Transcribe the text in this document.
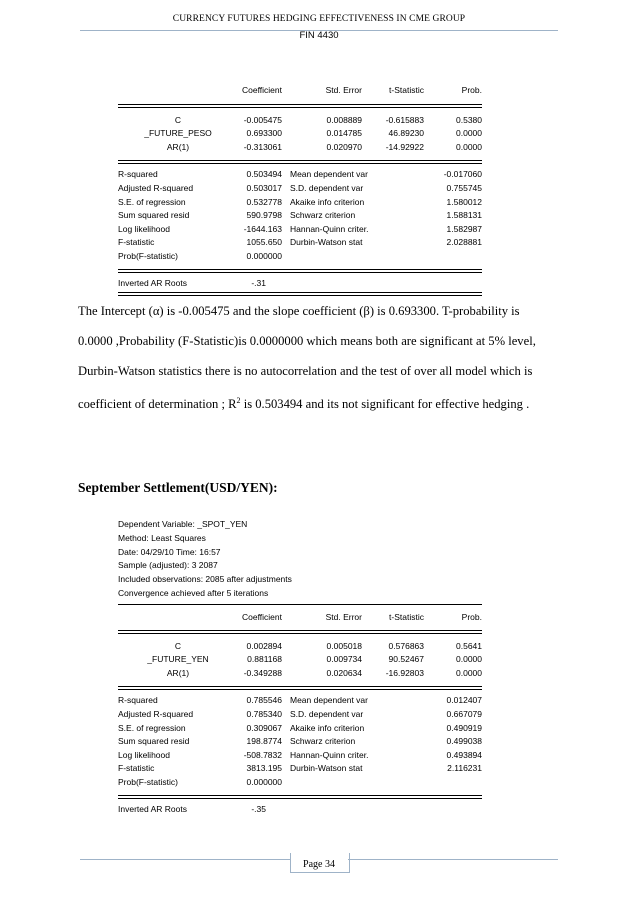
CURRENCY FUTURES HEDGING EFFECTIVENESS IN CME GROUP
FIN 4430
Coefficient	Std. Error	t-Statistic	Prob.
C	-0.005475	0.008889	-0.615883	0.5380
_FUTURE_PESO	0.693300	0.014785	46.89230	0.0000
AR(1)	-0.313061	0.020970	-14.92922	0.0000
R-squared	0.503494 Mean dependent var	-0.017060
Adjusted R-squared	0.503017 S.D. dependent var	0.755745
S.E. of regression	0.532778 Akaike info criterion	1.580012
Sum squared resid	590.9798 Schwarz criterion	1.588131
Log likelihood	-1644.163 Hannan-Quinn criter.	1.582987
F-statistic	1055.650 Durbin-Watson stat	2.028881
Prob(F-statistic)	0.000000
Inverted AR Roots	-.31

The Intercept (α) is -0.005475 and the slope coefficient (β) is 0.693300. T-probability is

0.0000 ,Probability (F-Statistic)is 0.0000000 which means both are significant at 5% level,

Durbin-Watson statistics there is no autocorrelation and the test of over all model which is

coefficient of determination ; $R^2$ is 0.503494 and its not significant for effective hedging .

September Settlement(USD/YEN):
Dependent Variable: _SPOT_YEN
Method: Least Squares
Date: 04/29/10 Time: 16:57
Sample (adjusted): 3 2087
Included observations: 2085 after adjustments
Convergence achieved after 5 iterations
Coefficient	Std. Error	t-Statistic	Prob.
C	0.002894	0.005018	0.576863	0.5641
_FUTURE_YEN	0.881168	0.009734	90.52467	0.0000
AR(1)	-0.349288	0.020634	-16.92803	0.0000
R-squared	0.785546 Mean dependent var	0.012407
Adjusted R-squared	0.785340 S.D. dependent var	0.667079
S.E. of regression	0.309067 Akaike info criterion	0.490919
Sum squared resid	198.8774 Schwarz criterion	0.499038
Log likelihood	-508.7832 Hannan-Quinn criter.	0.493894
F-statistic	3813.195 Durbin-Watson stat	2.116231
Prob(F-statistic)	0.000000
Inverted AR Roots	-.35
Page 34
